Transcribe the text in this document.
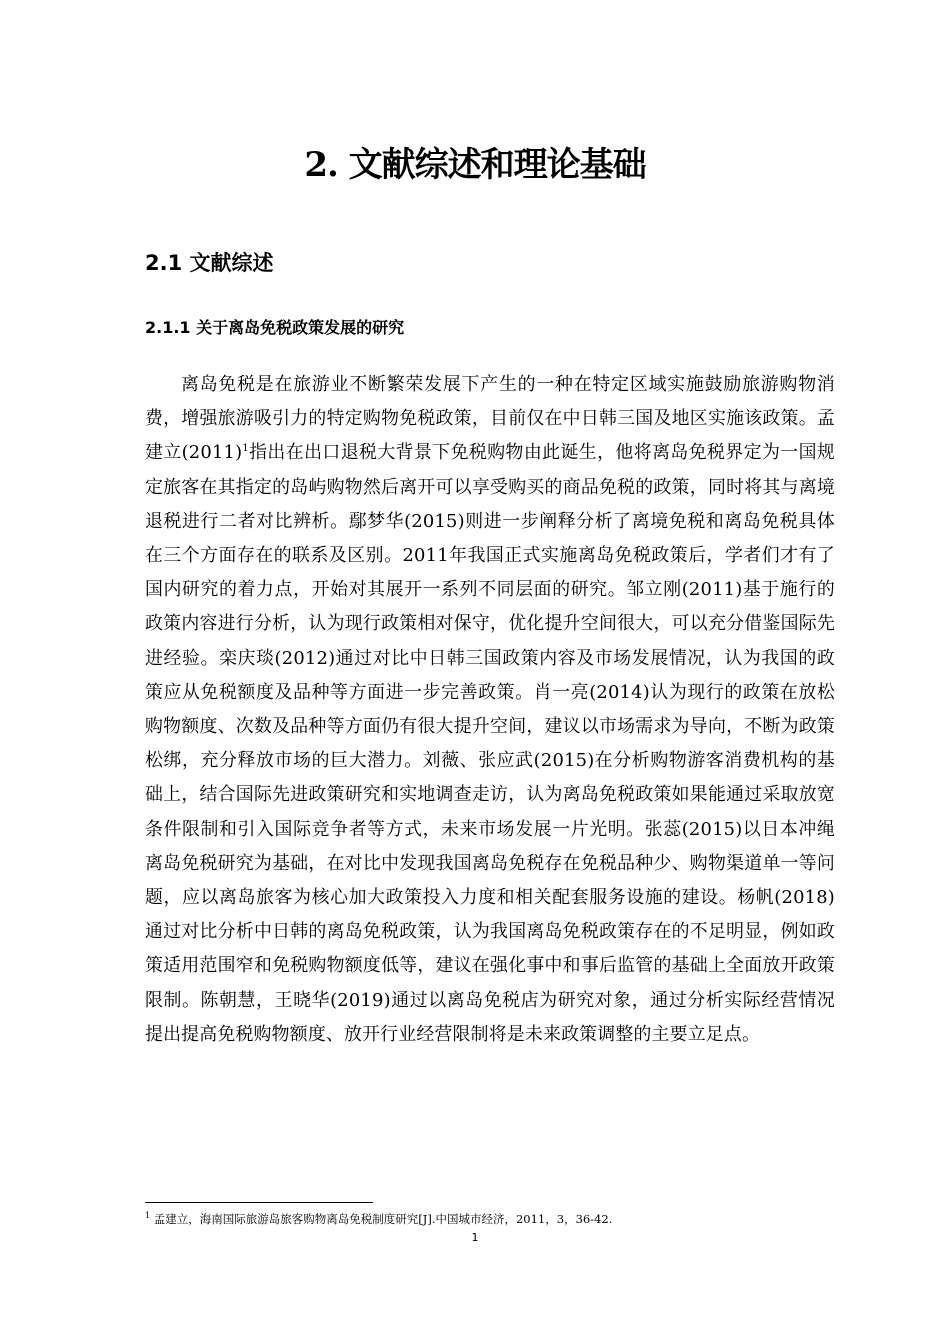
2. 文献综述和理论基础
2.1 文献综述
2.1.1 关于离岛免税政策发展的研究

离岛免税是在旅游业不断繁荣发展下产生的一种在特定区域实施鼓励旅游购物消费，增强旅游吸引力的特定购物免税政策，目前仅在中日韩三国及地区实施该政策。孟建立$(2011)^1$指出在出口退税大背景下免税购物由此诞生，他将离岛免税界定为一国规定旅客在其指定的岛屿购物然后离开可以享受购买的商品免税的政策，同时将其与离境退税进行二者对比辨析。鄢梦华(2015)则进一步阐释分析了离境免税和离岛免税具体在三个方面存在的联系及区别。2011年我国正式实施离岛免税政策后，学者们才有了国内研究的着力点，开始对其展开一系列不同层面的研究。邹立刚(2011)基于施行的政策内容进行分析，认为现行政策相对保守，优化提升空间很大，可以充分借鉴国际先进经验。栾庆琰(2012)通过对比中日韩三国政策内容及市场发展情况，认为我国的政策应从免税额度及品种等方面进一步完善政策。肖一亮(2014)认为现行的政策在放松购物额度、次数及品种等方面仍有很大提升空间，建议以市场需求为导向，不断为政策松绑，充分释放市场的巨大潜力。刘薇、张应武(2015)在分析购物游客消费机构的基础上，结合国际先进政策研究和实地调查走访，认为离岛免税政策如果能通过采取放宽条件限制和引入国际竞争者等方式，未来市场发展一片光明。张蕊(2015)以日本冲绳离岛免税研究为基础，在对比中发现我国离岛免税存在免税品种少、购物渠道单一等问题，应以离岛旅客为核心加大政策投入力度和相关配套服务设施的建设。杨帆(2018)通过对比分析中日韩的离岛免税政策，认为我国离岛免税政策存在的不足明显，例如政策适用范围窄和免税购物额度低等，建议在强化事中和事后监管的基础上全面放开政策限制。陈朝慧，王晓华(2019)通过以离岛免税店为研究对象，通过分析实际经营情况提出提高免税购物额度、放开行业经营限制将是未来政策调整的主要立足点。

$^1$ 孟建立，海南国际旅游岛旅客购物离岛免税制度研究[J].中国城市经济，2011，3，36-42.

1
